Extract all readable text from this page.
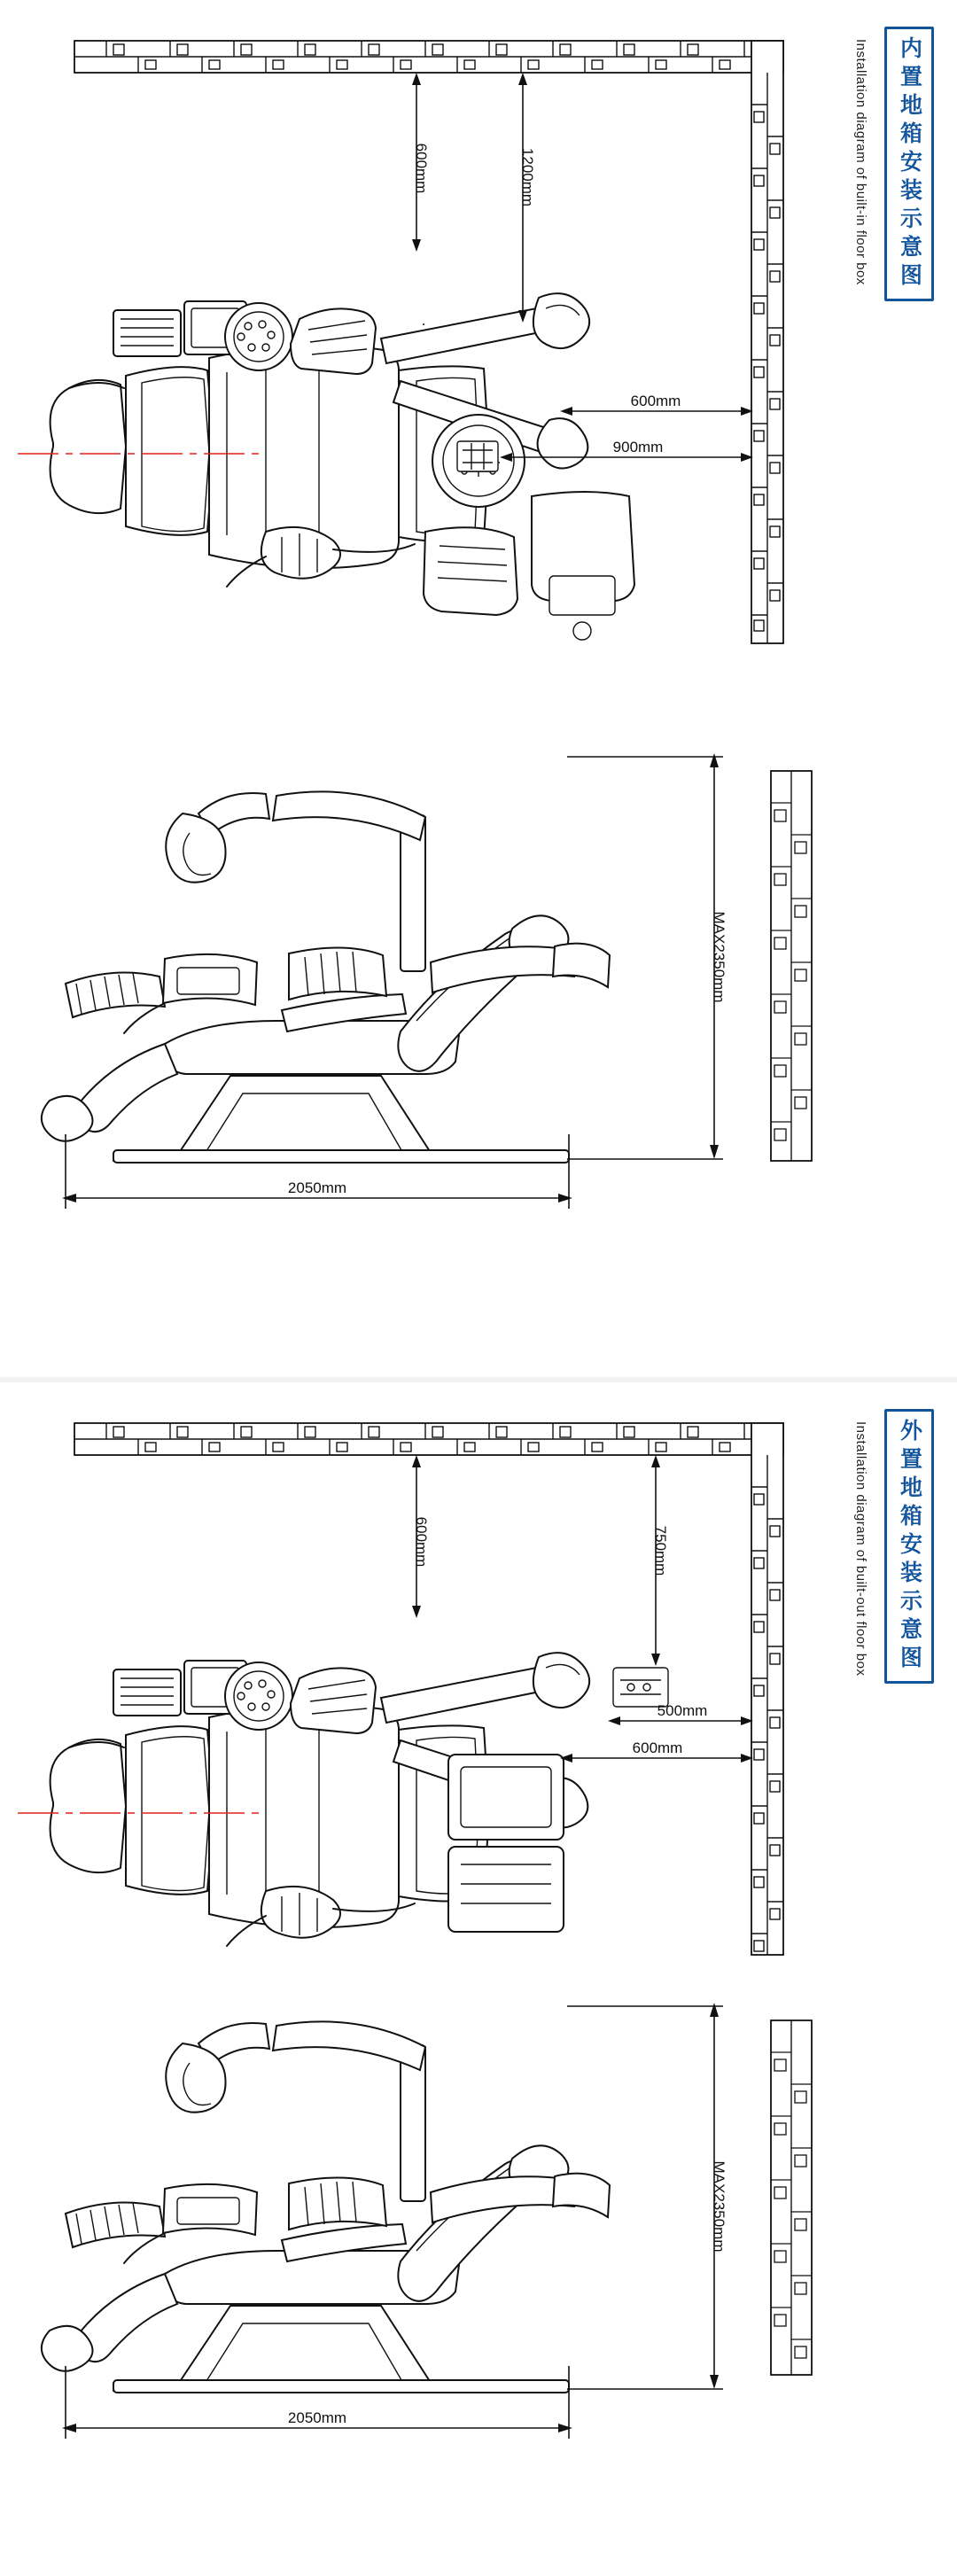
内置地箱安装示意图
Installation diagram of built-in floor box
600mm	1200mm
600mm
900mm
MAX2350mm
2050mm
外置地箱安装示意图
Installation diagram of built-out floor box
600mm	750mm
500mm
600mm
MAX2350mm
2050mm
